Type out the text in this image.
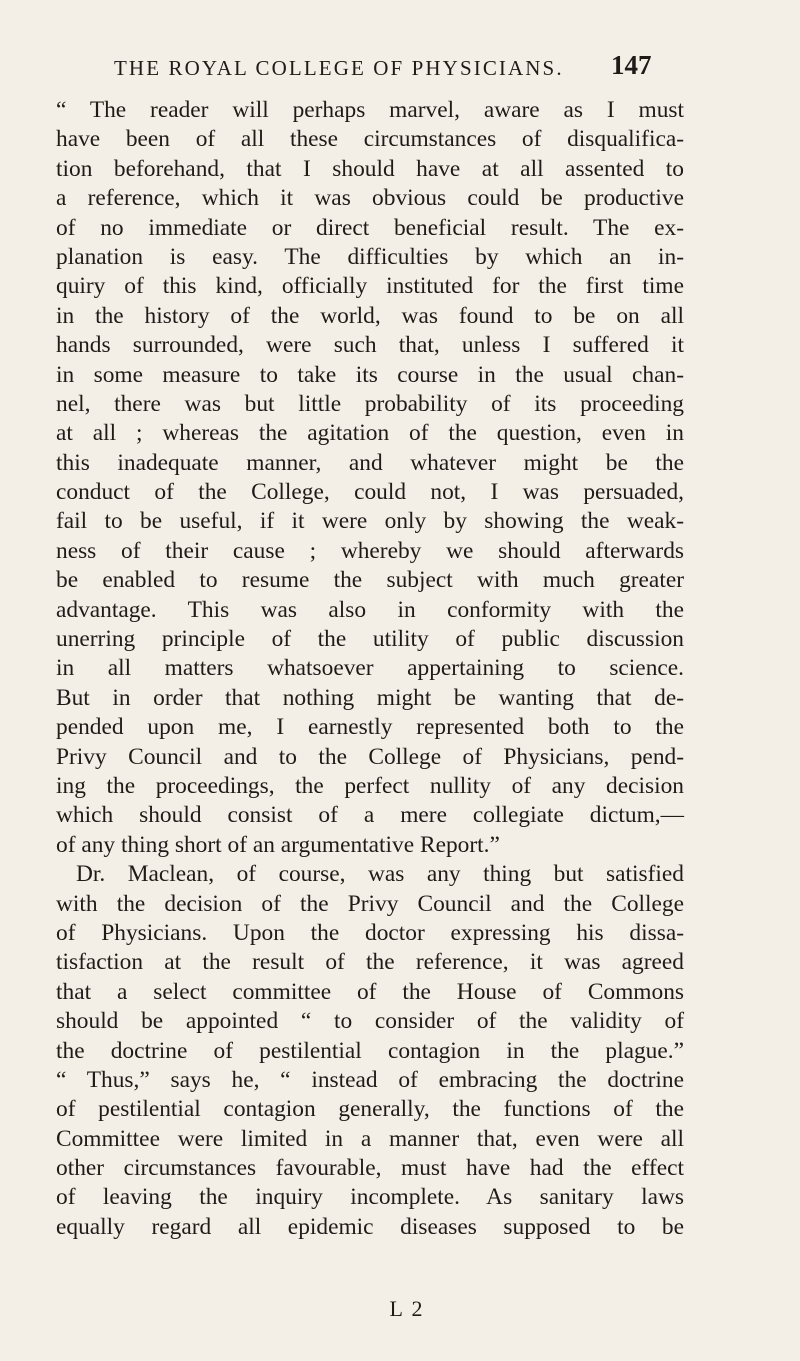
THE ROYAL COLLEGE OF PHYSICIANS. 147
“ The reader will perhaps marvel, aware as I must
have been of all these circumstances of disqualifica-
tion beforehand, that I should have at all assented to
a reference, which it was obvious could be productive
of no immediate or direct beneficial result. The ex-
planation is easy. The difficulties by which an in-
quiry of this kind, officially instituted for the first time
in the history of the world, was found to be on all
hands surrounded, were such that, unless I suffered it
in some measure to take its course in the usual chan-
nel, there was but little probability of its proceeding
at all ; whereas the agitation of the question, even in
this inadequate manner, and whatever might be the
conduct of the College, could not, I was persuaded,
fail to be useful, if it were only by showing the weak-
ness of their cause ; whereby we should afterwards
be enabled to resume the subject with much greater
advantage. This was also in conformity with the
unerring principle of the utility of public discussion
in all matters whatsoever appertaining to science.
But in order that nothing might be wanting that de-
pended upon me, I earnestly represented both to the
Privy Council and to the College of Physicians, pend-
ing the proceedings, the perfect nullity of any decision
which should consist of a mere collegiate dictum,—
of any thing short of an argumentative Report.”
Dr. Maclean, of course, was any thing but satisfied
with the decision of the Privy Council and the College
of Physicians. Upon the doctor expressing his dissa-
tisfaction at the result of the reference, it was agreed
that a select committee of the House of Commons
should be appointed “ to consider of the validity of
the doctrine of pestilential contagion in the plague.”
“ Thus,” says he, “ instead of embracing the doctrine
of pestilential contagion generally, the functions of the
Committee were limited in a manner that, even were all
other circumstances favourable, must have had the effect
of leaving the inquiry incomplete. As sanitary laws
equally regard all epidemic diseases supposed to be
L 2
